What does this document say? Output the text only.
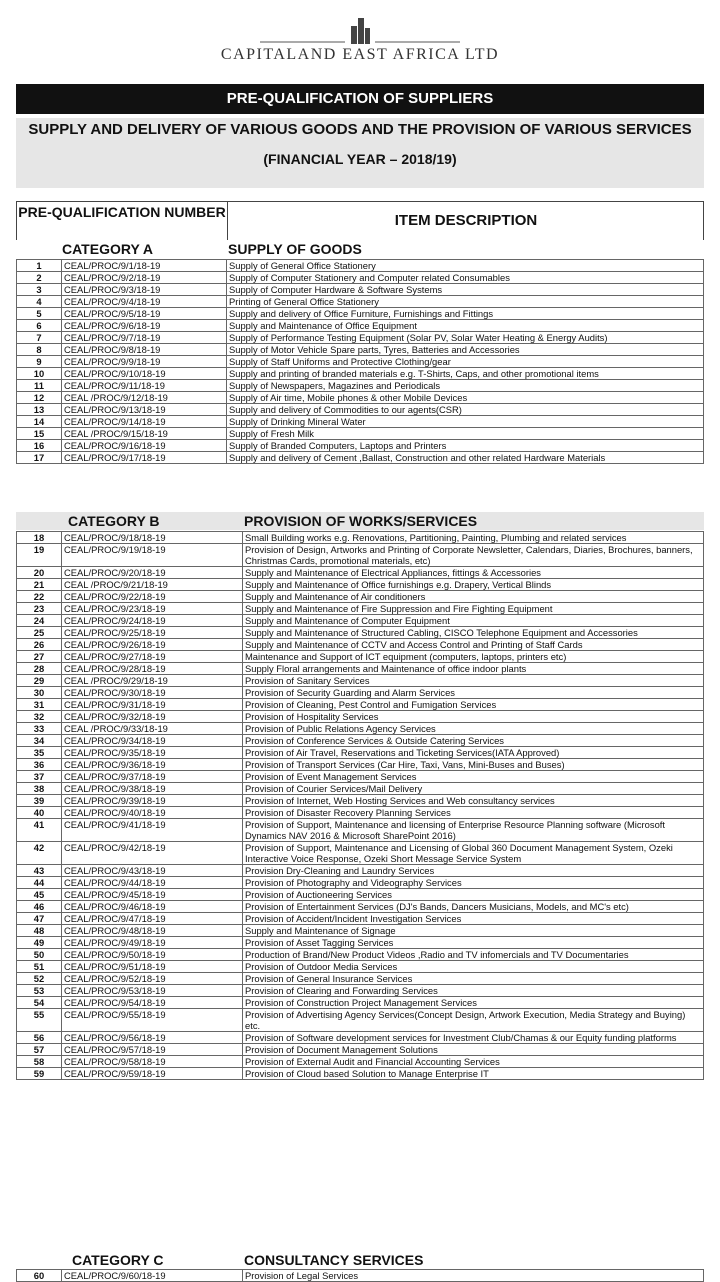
CAPITALAND EAST AFRICA LTD
PRE-QUALIFICATION OF SUPPLIERS
SUPPLY AND DELIVERY OF VARIOUS GOODS AND THE PROVISION OF VARIOUS SERVICES
(FINANCIAL YEAR – 2018/19)
PRE-QUALIFICATION NUMBER	ITEM DESCRIPTION
CATEGORY A	SUPPLY OF GOODS
1	CEAL/PROC/9/1/18-19	Supply of General Office Stationery
2	CEAL/PROC/9/2/18-19	Supply of Computer Stationery and Computer related Consumables
3	CEAL/PROC/9/3/18-19	Supply of Computer Hardware & Software Systems
4	CEAL/PROC/9/4/18-19	Printing of General Office Stationery
5	CEAL/PROC/9/5/18-19	Supply and delivery of Office Furniture, Furnishings and Fittings
6	CEAL/PROC/9/6/18-19	Supply and Maintenance of Office Equipment
7	CEAL/PROC/9/7/18-19	Supply of Performance Testing Equipment (Solar PV, Solar Water Heating & Energy Audits)
8	CEAL/PROC/9/8/18-19	Supply of Motor Vehicle Spare parts, Tyres, Batteries and Accessories
9	CEAL/PROC/9/9/18-19	Supply of Staff Uniforms and Protective Clothing/gear
10	CEAL/PROC/9/10/18-19	Supply and printing of branded materials e.g. T-Shirts, Caps, and other promotional items
11	CEAL/PROC/9/11/18-19	Supply of Newspapers, Magazines and Periodicals
12	CEAL /PROC/9/12/18-19	Supply of Air time, Mobile phones & other Mobile Devices
13	CEAL/PROC/9/13/18-19	Supply and delivery of Commodities to our agents(CSR)
14	CEAL/PROC/9/14/18-19	Supply of Drinking Mineral Water
15	CEAL /PROC/9/15/18-19	Supply of Fresh Milk
16	CEAL/PROC/9/16/18-19	Supply of Branded Computers, Laptops and Printers
17	CEAL/PROC/9/17/18-19	Supply and delivery of Cement ,Ballast, Construction and other related Hardware Materials
CATEGORY B	PROVISION OF WORKS/SERVICES
18	CEAL/PROC/9/18/18-19	Small Building works e.g. Renovations, Partitioning, Painting, Plumbing and related services
19	CEAL/PROC/9/19/18-19	Provision of Design, Artworks and Printing of Corporate Newsletter, Calendars, Diaries, Brochures, banners, Christmas Cards, promotional materials, etc)
20	CEAL/PROC/9/20/18-19	Supply and Maintenance of Electrical Appliances, fittings & Accessories
21	CEAL /PROC/9/21/18-19	Supply and Maintenance of Office furnishings e.g. Drapery, Vertical Blinds
22	CEAL/PROC/9/22/18-19	Supply and Maintenance of Air conditioners
23	CEAL/PROC/9/23/18-19	Supply and Maintenance of Fire Suppression and Fire Fighting Equipment
24	CEAL/PROC/9/24/18-19	Supply and Maintenance of Computer Equipment
25	CEAL/PROC/9/25/18-19	Supply and Maintenance of Structured Cabling, CISCO Telephone Equipment and Accessories
26	CEAL/PROC/9/26/18-19	Supply and Maintenance of CCTV and Access Control and Printing of Staff Cards
27	CEAL/PROC/9/27/18-19	Maintenance and Support of ICT equipment (computers, laptops, printers etc)
28	CEAL/PROC/9/28/18-19	Supply Floral arrangements and Maintenance of office indoor plants
29	CEAL /PROC/9/29/18-19	Provision of Sanitary Services
30	CEAL/PROC/9/30/18-19	Provision of Security Guarding and Alarm Services
31	CEAL/PROC/9/31/18-19	Provision of Cleaning, Pest Control and Fumigation Services
32	CEAL/PROC/9/32/18-19	Provision of Hospitality Services
33	CEAL /PROC/9/33/18-19	Provision of Public Relations Agency Services
34	CEAL/PROC/9/34/18-19	Provision of Conference Services & Outside Catering Services
35	CEAL/PROC/9/35/18-19	Provision of Air Travel, Reservations and Ticketing Services(IATA Approved)
36	CEAL/PROC/9/36/18-19	Provision of Transport Services (Car Hire, Taxi, Vans, Mini-Buses and Buses)
37	CEAL/PROC/9/37/18-19	Provision of Event Management Services
38	CEAL/PROC/9/38/18-19	Provision of Courier Services/Mail Delivery
39	CEAL/PROC/9/39/18-19	Provision of Internet, Web Hosting Services and Web consultancy services
40	CEAL/PROC/9/40/18-19	Provision of Disaster Recovery Planning Services
41	CEAL/PROC/9/41/18-19	Provision of Support, Maintenance and licensing of Enterprise Resource Planning software (Microsoft Dynamics NAV 2016 & Microsoft SharePoint 2016)
42	CEAL/PROC/9/42/18-19	Provision of Support, Maintenance and Licensing of Global 360 Document Management System, Ozeki Interactive Voice Response, Ozeki Short Message Service System
43	CEAL/PROC/9/43/18-19	Provision Dry-Cleaning and Laundry Services
44	CEAL/PROC/9/44/18-19	Provision of Photography and Videography Services
45	CEAL/PROC/9/45/18-19	Provision of Auctioneering Services
46	CEAL/PROC/9/46/18-19	Provision of Entertainment Services (DJ's Bands, Dancers Musicians, Models, and MC's etc)
47	CEAL/PROC/9/47/18-19	Provision of Accident/Incident Investigation Services
48	CEAL/PROC/9/48/18-19	Supply and Maintenance of Signage
49	CEAL/PROC/9/49/18-19	Provision of Asset Tagging Services
50	CEAL/PROC/9/50/18-19	Production of Brand/New Product Videos ,Radio and TV infomercials and TV Documentaries
51	CEAL/PROC/9/51/18-19	Provision of Outdoor Media Services
52	CEAL/PROC/9/52/18-19	Provision of General Insurance Services
53	CEAL/PROC/9/53/18-19	Provision of Clearing and Forwarding Services
54	CEAL/PROC/9/54/18-19	Provision of Construction Project Management Services
55	CEAL/PROC/9/55/18-19	Provision of Advertising Agency Services(Concept Design, Artwork Execution, Media Strategy and Buying) etc.
56	CEAL/PROC/9/56/18-19	Provision of Software development services for Investment Club/Chamas & our Equity funding platforms
57	CEAL/PROC/9/57/18-19	Provision of Document Management Solutions
58	CEAL/PROC/9/58/18-19	Provision of External Audit and Financial Accounting Services
59	CEAL/PROC/9/59/18-19	Provision of Cloud based Solution to Manage Enterprise IT
CATEGORY C	CONSULTANCY SERVICES
60	CEAL/PROC/9/60/18-19	Provision of Legal Services
